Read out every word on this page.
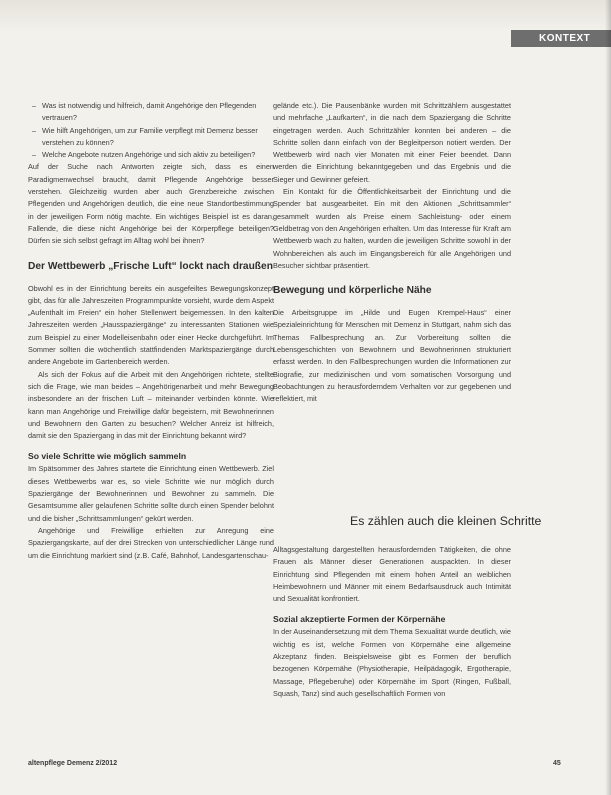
KONTEXT
– Was ist notwendig und hilfreich, damit Angehörige den Pflegenden vertrauen?
– Wie hilft Angehörigen, um zur Familie verpflegt mit Demenz besser verstehen zu können?
– Welche Angebote nutzen Angehörige und sich aktiv zu beteiligen?

Auf der Suche nach Antworten zeigte sich, dass es einen Paradigmenwechsel braucht, damit Pflegende Angehörige besser verstehen. Gleichzeitig wurden aber auch Grenzbereiche zwischen Pflegenden und Angehörigen deutlich, die eine neue Standortbestimmung in der jeweiligen Form nötig machte. Ein wichtiges Beispiel ist es daran, Fallende, die diese nicht Angehörige bei der Körperpflege beteiligen? Dürfen sie sich selbst gefragt im Alltag wohl bei ihnen?

Der Wettbewerb „Frische Luft“ lockt nach draußen

Obwohl es in der Einrichtung bereits ein ausgefeiltes Bewegungskonzept gibt, das für alle Jahreszeiten Programmpunkte vorsieht, wurde dem Aspekt „Aufenthalt im Freien“ ein hoher Stellenwert beigemessen. In den kalten Jahreszeiten werden „Hausspaziergänge“ zu interessanten Stationen wie zum Beispiel zu einer Modelleisenbahn oder einer Hecke durchgeführt. Im Sommer sollten die wöchentlich stattfindenden Marktspaziergänge durch andere Angebote im Gartenbereich werden.

Als sich der Fokus auf die Arbeit mit den Angehörigen richtete, stellte sich die Frage, wie man beides – Angehörigenarbeit und mehr Bewegung insbesondere an der frischen Luft – miteinander verbinden könnte. Wie kann man Angehörige und Freiwillige dafür begeistern, mit Bewohnerinnen und Bewohnern den Garten zu besuchen? Welcher Anreiz ist hilfreich, damit sie den Spaziergang in das mit der Einrichtung bekannt wird?

So viele Schritte wie möglich sammeln

Im Spätsommer des Jahres startete die Einrichtung einen Wettbewerb. Ziel dieses Wettbewerbs war es, so viele Schritte wie nur möglich durch Spaziergänge der Bewohnerinnen und Bewohner zu sammeln. Die Gesamtsumme aller gelaufenen Schritte sollte durch einen Spender belohnt und die bisher „Schrittsammlungen“ gekürt werden.

Angehörige und Freiwillige erhielten zur Anregung eine Spaziergangskarte, auf der drei Strecken von unterschiedlicher Länge rund um die Einrichtung markiert sind (z.B. Café, Bahnhof, Landesgartenschau-

gelände etc.). Die Pausenbänke wurden mit Schrittzählern ausgestattet und mehrfache „Laufkarten“, in die nach dem Spaziergang die Schritte eingetragen werden. Auch Schrittzähler konnten bei anderen – die Schritte sollen dann einfach von der Begleitperson notiert werden. Der Wettbewerb wird nach vier Monaten mit einer Feier beendet. Dann werden die Einrichtung bekanntgegeben und das Ergebnis und die Sieger und Gewinner gefeiert.

Ein Kontakt für die Öffentlichkeitsarbeit der Einrichtung und die Spender bat ausgearbeitet. Ein mit den Aktionen „Schrittsammler“ gesammelt wurden als Preise einem Sachleistung- oder einem Geldbetrag von den Angehörigen erhalten. Um das Interesse für Kraft am Wettbewerb wach zu halten, wurden die jeweiligen Schritte sowohl in der Wohnbereichen als auch im Eingangsbereich für alle Angehörigen und Besucher sichtbar präsentiert.

Bewegung und körperliche Nähe

Die Arbeitsgruppe im „Hilde und Eugen Krempel-Haus“ einer Spezialeinrichtung für Menschen mit Demenz in Stuttgart, nahm sich das Themas Fallbesprechung an. Zur Vorbereitung sollten die Lebensgeschichten von Bewohnern und Bewohnerinnen strukturiert erfasst werden. In den Fallbesprechungen wurden die Informationen zur Biografie, zur medizinischen und vom somatischen Vorsorgung und Beobachtungen zu herausforderndem Verhalten vor zur gegebenen und reflektiert, mit

Es zählen auch die kleinen Schritte

Alltagsgestaltung dargestellten herausfordernden Tätigkeiten, die ohne Frauen als Männer dieser Generationen auspackten. In dieser Einrichtung sind Pflegenden mit einem hohen Anteil an weiblichen Heimbewohnern und Männer mit einem Bedarfsausdruck auch Intimität und Sexualität konfrontiert.

Sozial akzeptierte Formen der Körpernähe

In der Auseinandersetzung mit dem Thema Sexualität wurde deutlich, wie wichtig es ist, welche Formen von Körpernähe eine allgemeine Akzeptanz finden. Beispielsweise gibt es Formen der beruflich bezogenen Körpernähe (Physiotherapie, Heilpädagogik, Ergotherapie, Massage, Pflegeberuhe) oder Körpernähe im Sport (Ringen, Fußball, Squash, Tanz) sind auch gesellschaftlich Formen von

altenpflege Demenz 2/2012	45
